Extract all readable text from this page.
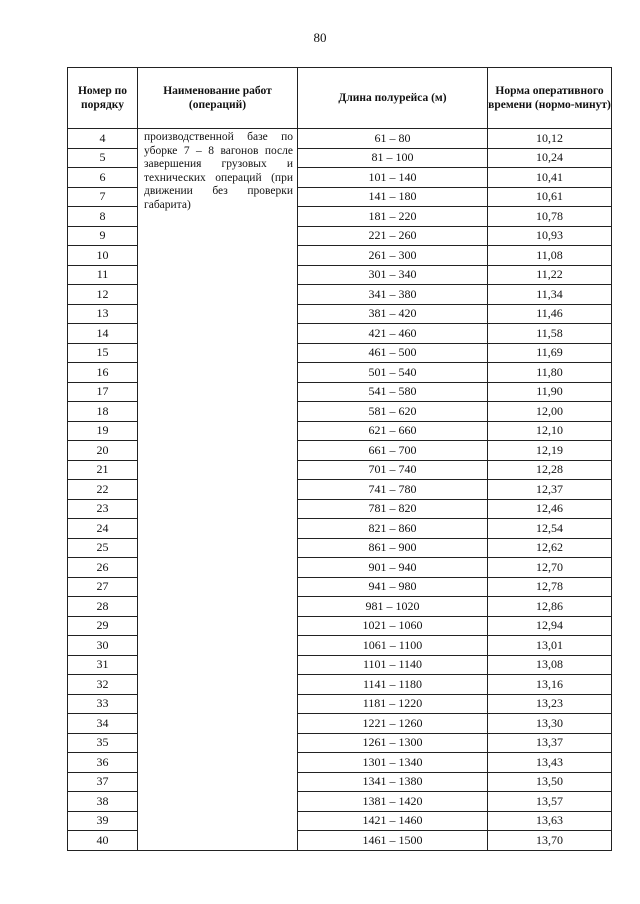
80
Номер по порядку	Наименование работ (операций)	Длина полурейса (м)	Норма оперативного времени (нормо-минут)
4	производственной базе по уборке 7 – 8 вагонов после завершения грузовых и технических операций (при движении без проверки габарита)	61 – 80	10,12
5		81 – 100	10,24
6		101 – 140	10,41
7		141 – 180	10,61
8		181 – 220	10,78
9		221 – 260	10,93
10		261 – 300	11,08
11		301 – 340	11,22
12		341 – 380	11,34
13		381 – 420	11,46
14		421 – 460	11,58
15		461 – 500	11,69
16		501 – 540	11,80
17		541 – 580	11,90
18		581 – 620	12,00
19		621 – 660	12,10
20		661 – 700	12,19
21		701 – 740	12,28
22		741 – 780	12,37
23		781 – 820	12,46
24		821 – 860	12,54
25		861 – 900	12,62
26		901 – 940	12,70
27		941 – 980	12,78
28		981 – 1020	12,86
29		1021 – 1060	12,94
30		1061 – 1100	13,01
31		1101 – 1140	13,08
32		1141 – 1180	13,16
33		1181 – 1220	13,23
34		1221 – 1260	13,30
35		1261 – 1300	13,37
36		1301 – 1340	13,43
37		1341 – 1380	13,50
38		1381 – 1420	13,57
39		1421 – 1460	13,63
40		1461 – 1500	13,70
